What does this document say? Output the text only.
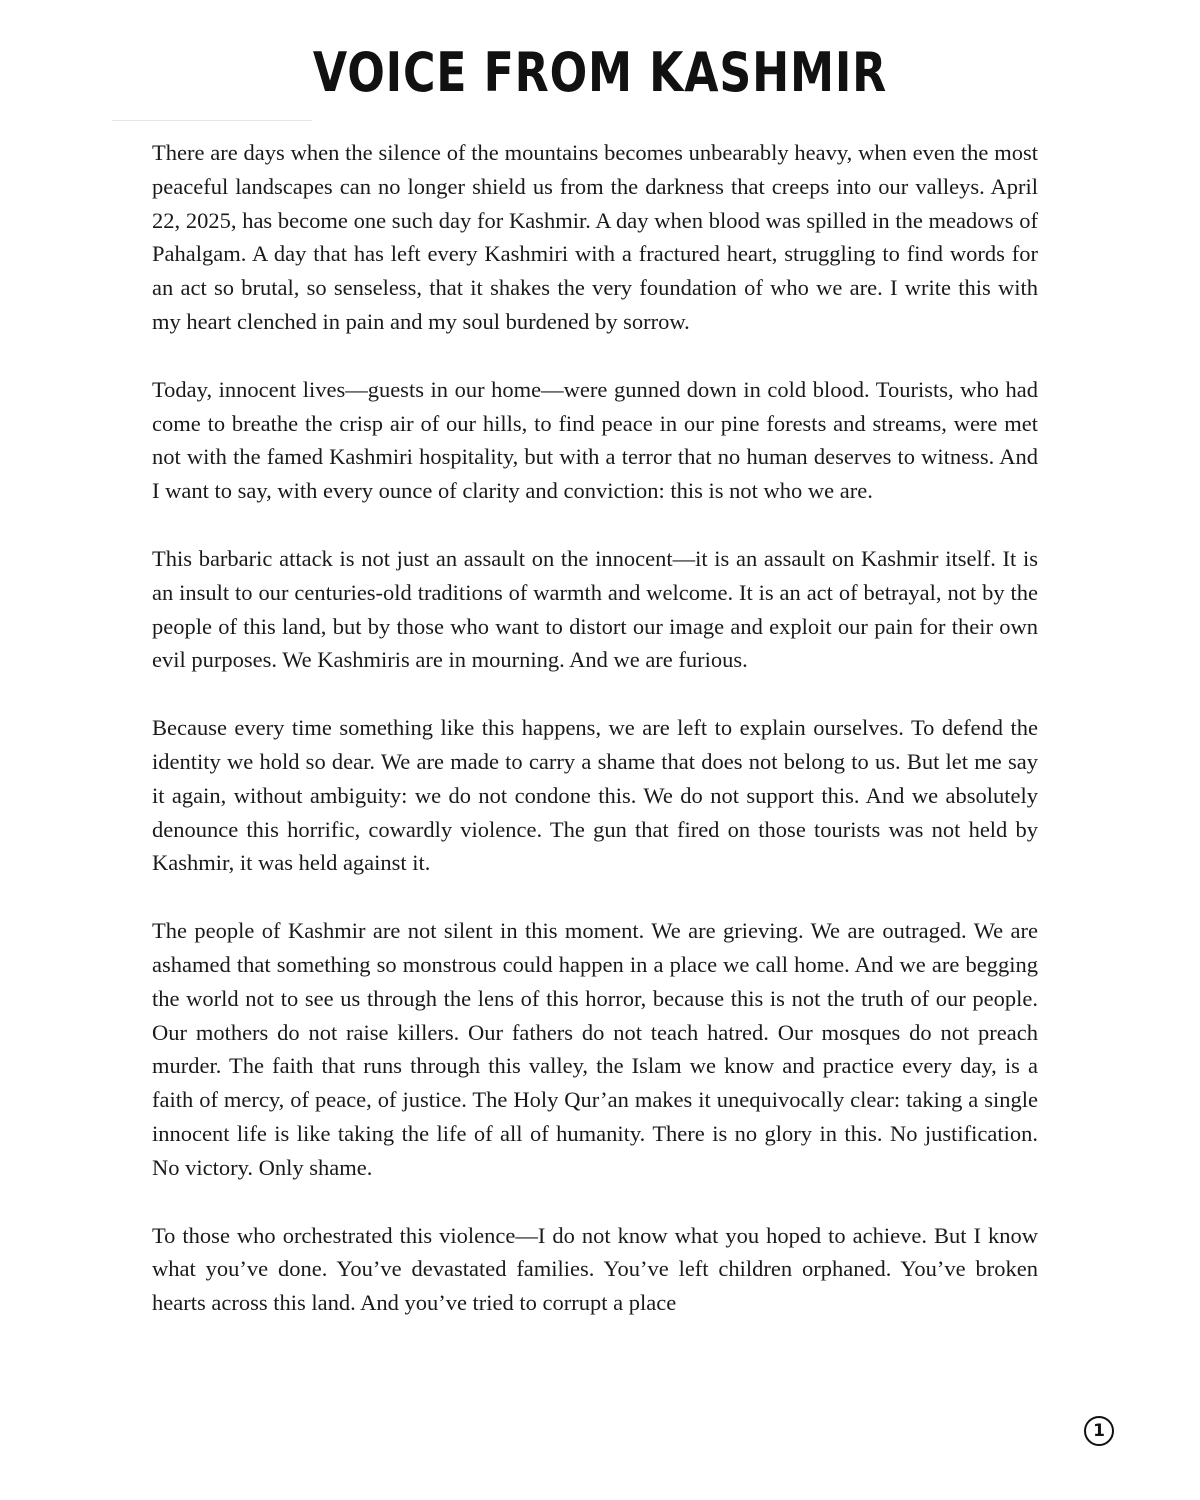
VOICE FROM KASHMIR

There are days when the silence of the mountains becomes unbearably heavy, when even the most peaceful landscapes can no longer shield us from the darkness that creeps into our valleys. April 22, 2025, has become one such day for Kashmir. A day when blood was spilled in the meadows of Pahalgam. A day that has left every Kashmiri with a fractured heart, struggling to find words for an act so brutal, so senseless, that it shakes the very foundation of who we are. I write this with my heart clenched in pain and my soul burdened by sorrow.

Today, innocent lives—guests in our home—were gunned down in cold blood. Tourists, who had come to breathe the crisp air of our hills, to find peace in our pine forests and streams, were met not with the famed Kashmiri hospitality, but with a terror that no human deserves to witness. And I want to say, with every ounce of clarity and conviction: this is not who we are.

This barbaric attack is not just an assault on the innocent—it is an assault on Kashmir itself. It is an insult to our centuries-old traditions of warmth and welcome. It is an act of betrayal, not by the people of this land, but by those who want to distort our image and exploit our pain for their own evil purposes. We Kashmiris are in mourning. And we are furious.

Because every time something like this happens, we are left to explain ourselves. To defend the identity we hold so dear. We are made to carry a shame that does not belong to us. But let me say it again, without ambiguity: we do not condone this. We do not support this. And we absolutely denounce this horrific, cowardly violence. The gun that fired on those tourists was not held by Kashmir, it was held against it.

The people of Kashmir are not silent in this moment. We are grieving. We are outraged. We are ashamed that something so monstrous could happen in a place we call home. And we are begging the world not to see us through the lens of this horror, because this is not the truth of our people. Our mothers do not raise killers. Our fathers do not teach hatred. Our mosques do not preach murder. The faith that runs through this valley, the Islam we know and practice every day, is a faith of mercy, of peace, of justice. The Holy Qur’an makes it unequivocally clear: taking a single innocent life is like taking the life of all of humanity. There is no glory in this. No justification. No victory. Only shame.

To those who orchestrated this violence—I do not know what you hoped to achieve. But I know what you’ve done. You’ve devastated families. You’ve left children orphaned. You’ve broken hearts across this land. And you’ve tried to corrupt a place

1
